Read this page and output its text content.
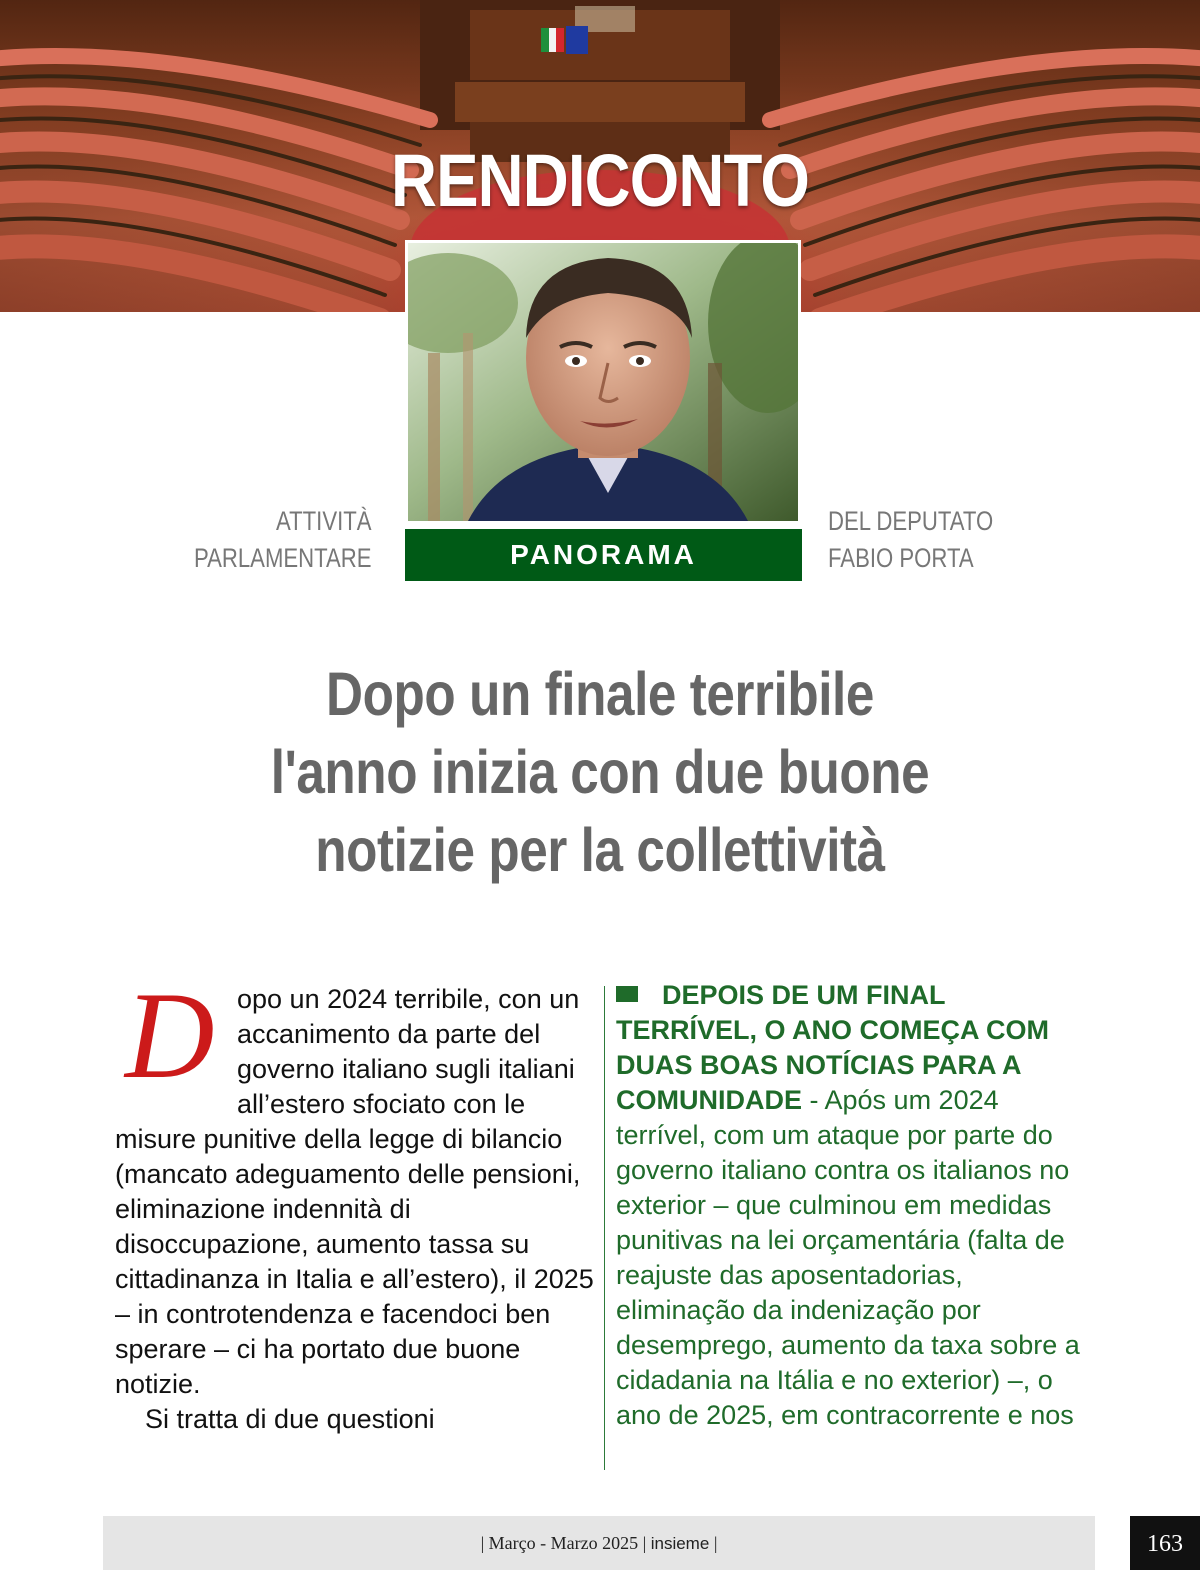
RENDICONTO
ATTIVITÀ
PARLAMENTARE	PANORAMA
DEL DEPUTATO
FABIO PORTA
Dopo un finale terribile
l'anno inizia con due buone
notizie per la collettività
D opo un 2024 terribile, con un accanimento da parte del governo italiano sugli italiani all’estero sfociato con le misure punitive della legge di bilancio (mancato adeguamento delle pensioni, eliminazione indennità di disoccupazione, aumento tassa su cittadinanza in Italia e all’estero), il 2025 – in controtendenza e facendoci ben sperare – ci ha portato due buone notizie.

Si tratta di due questioni

DEPOIS DE UM FINAL TERRÍVEL, O ANO COMEÇA COM DUAS BOAS NOTÍCIAS PARA A COMUNIDADE - Após um 2024 terrível, com um ataque por parte do governo italiano contra os italianos no exterior – que culminou em medidas punitivas na lei orçamentária (falta de reajuste das aposentadorias, eliminação da indenização por desemprego, aumento da taxa sobre a cidadania na Itália e no exterior) –, o ano de 2025, em contracorrente e nos
| Março - Marzo 2025 | insieme |	163
